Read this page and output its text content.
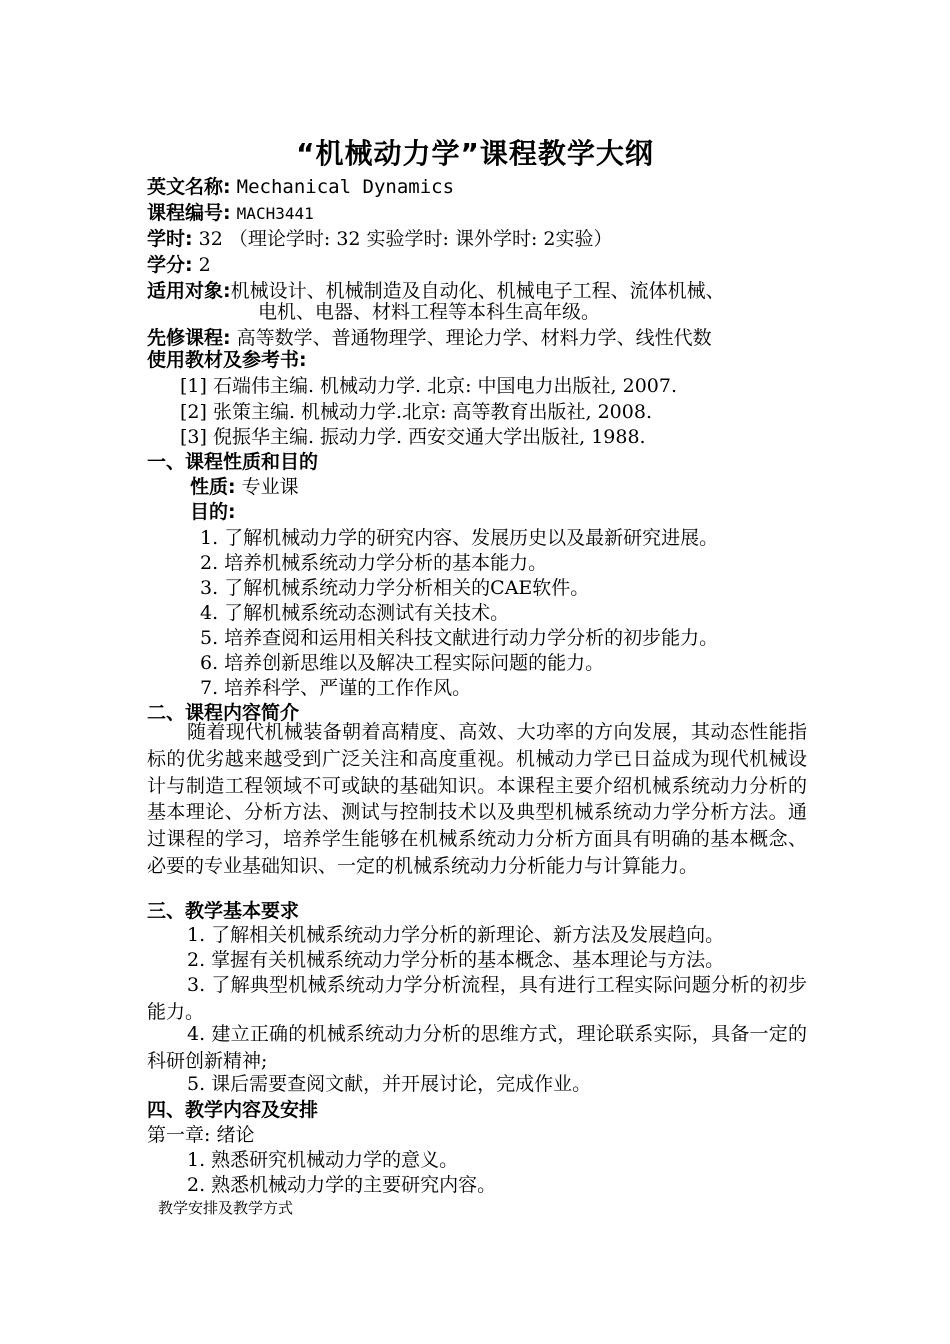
“机械动力学”课程教学大纲
英文名称: Mechanical Dynamics
课程编号: MACH3441
学时: 32 （理论学时: 32 实验学时: 课外学时: 2实验）
学分: 2
适用对象:机械设计、机械制造及自动化、机械电子工程、流体机械、
电机、电器、材料工程等本科生高年级。
先修课程: 高等数学、普通物理学、理论力学、材料力学、线性代数
使用教材及参考书:
[1] 石端伟主编. 机械动力学. 北京: 中国电力出版社, 2007.
[2] 张策主编. 机械动力学.北京: 高等教育出版社, 2008.
[3] 倪振华主编. 振动力学. 西安交通大学出版社, 1988.
一、课程性质和目的
性质: 专业课
目的:
1. 了解机械动力学的研究内容、发展历史以及最新研究进展。
2. 培养机械系统动力学分析的基本能力。
3. 了解机械系统动力学分析相关的CAE软件。
4. 了解机械系统动态测试有关技术。
5. 培养查阅和运用相关科技文献进行动力学分析的初步能力。
6. 培养创新思维以及解决工程实际问题的能力。
7. 培养科学、严谨的工作作风。
二、课程内容简介
随着现代机械装备朝着高精度、高效、大功率的方向发展，其动态性能指标的优劣越来越受到广泛关注和高度重视。机械动力学已日益成为现代机械设计与制造工程领域不可或缺的基础知识。本课程主要介绍机械系统动力分析的基本理论、分析方法、测试与控制技术以及典型机械系统动力学分析方法。通过课程的学习，培养学生能够在机械系统动力分析方面具有明确的基本概念、必要的专业基础知识、一定的机械系统动力分析能力与计算能力。
三、教学基本要求
1. 了解相关机械系统动力学分析的新理论、新方法及发展趋向。
2. 掌握有关机械系统动力学分析的基本概念、基本理论与方法。
3. 了解典型机械系统动力学分析流程，具有进行工程实际问题分析的初步能力。
4. 建立正确的机械系统动力分析的思维方式，理论联系实际，具备一定的科研创新精神;
5. 课后需要查阅文献，并开展讨论，完成作业。
四、教学内容及安排
第一章: 绪论
1. 熟悉研究机械动力学的意义。
2. 熟悉机械动力学的主要研究内容。
教学安排及教学方式
